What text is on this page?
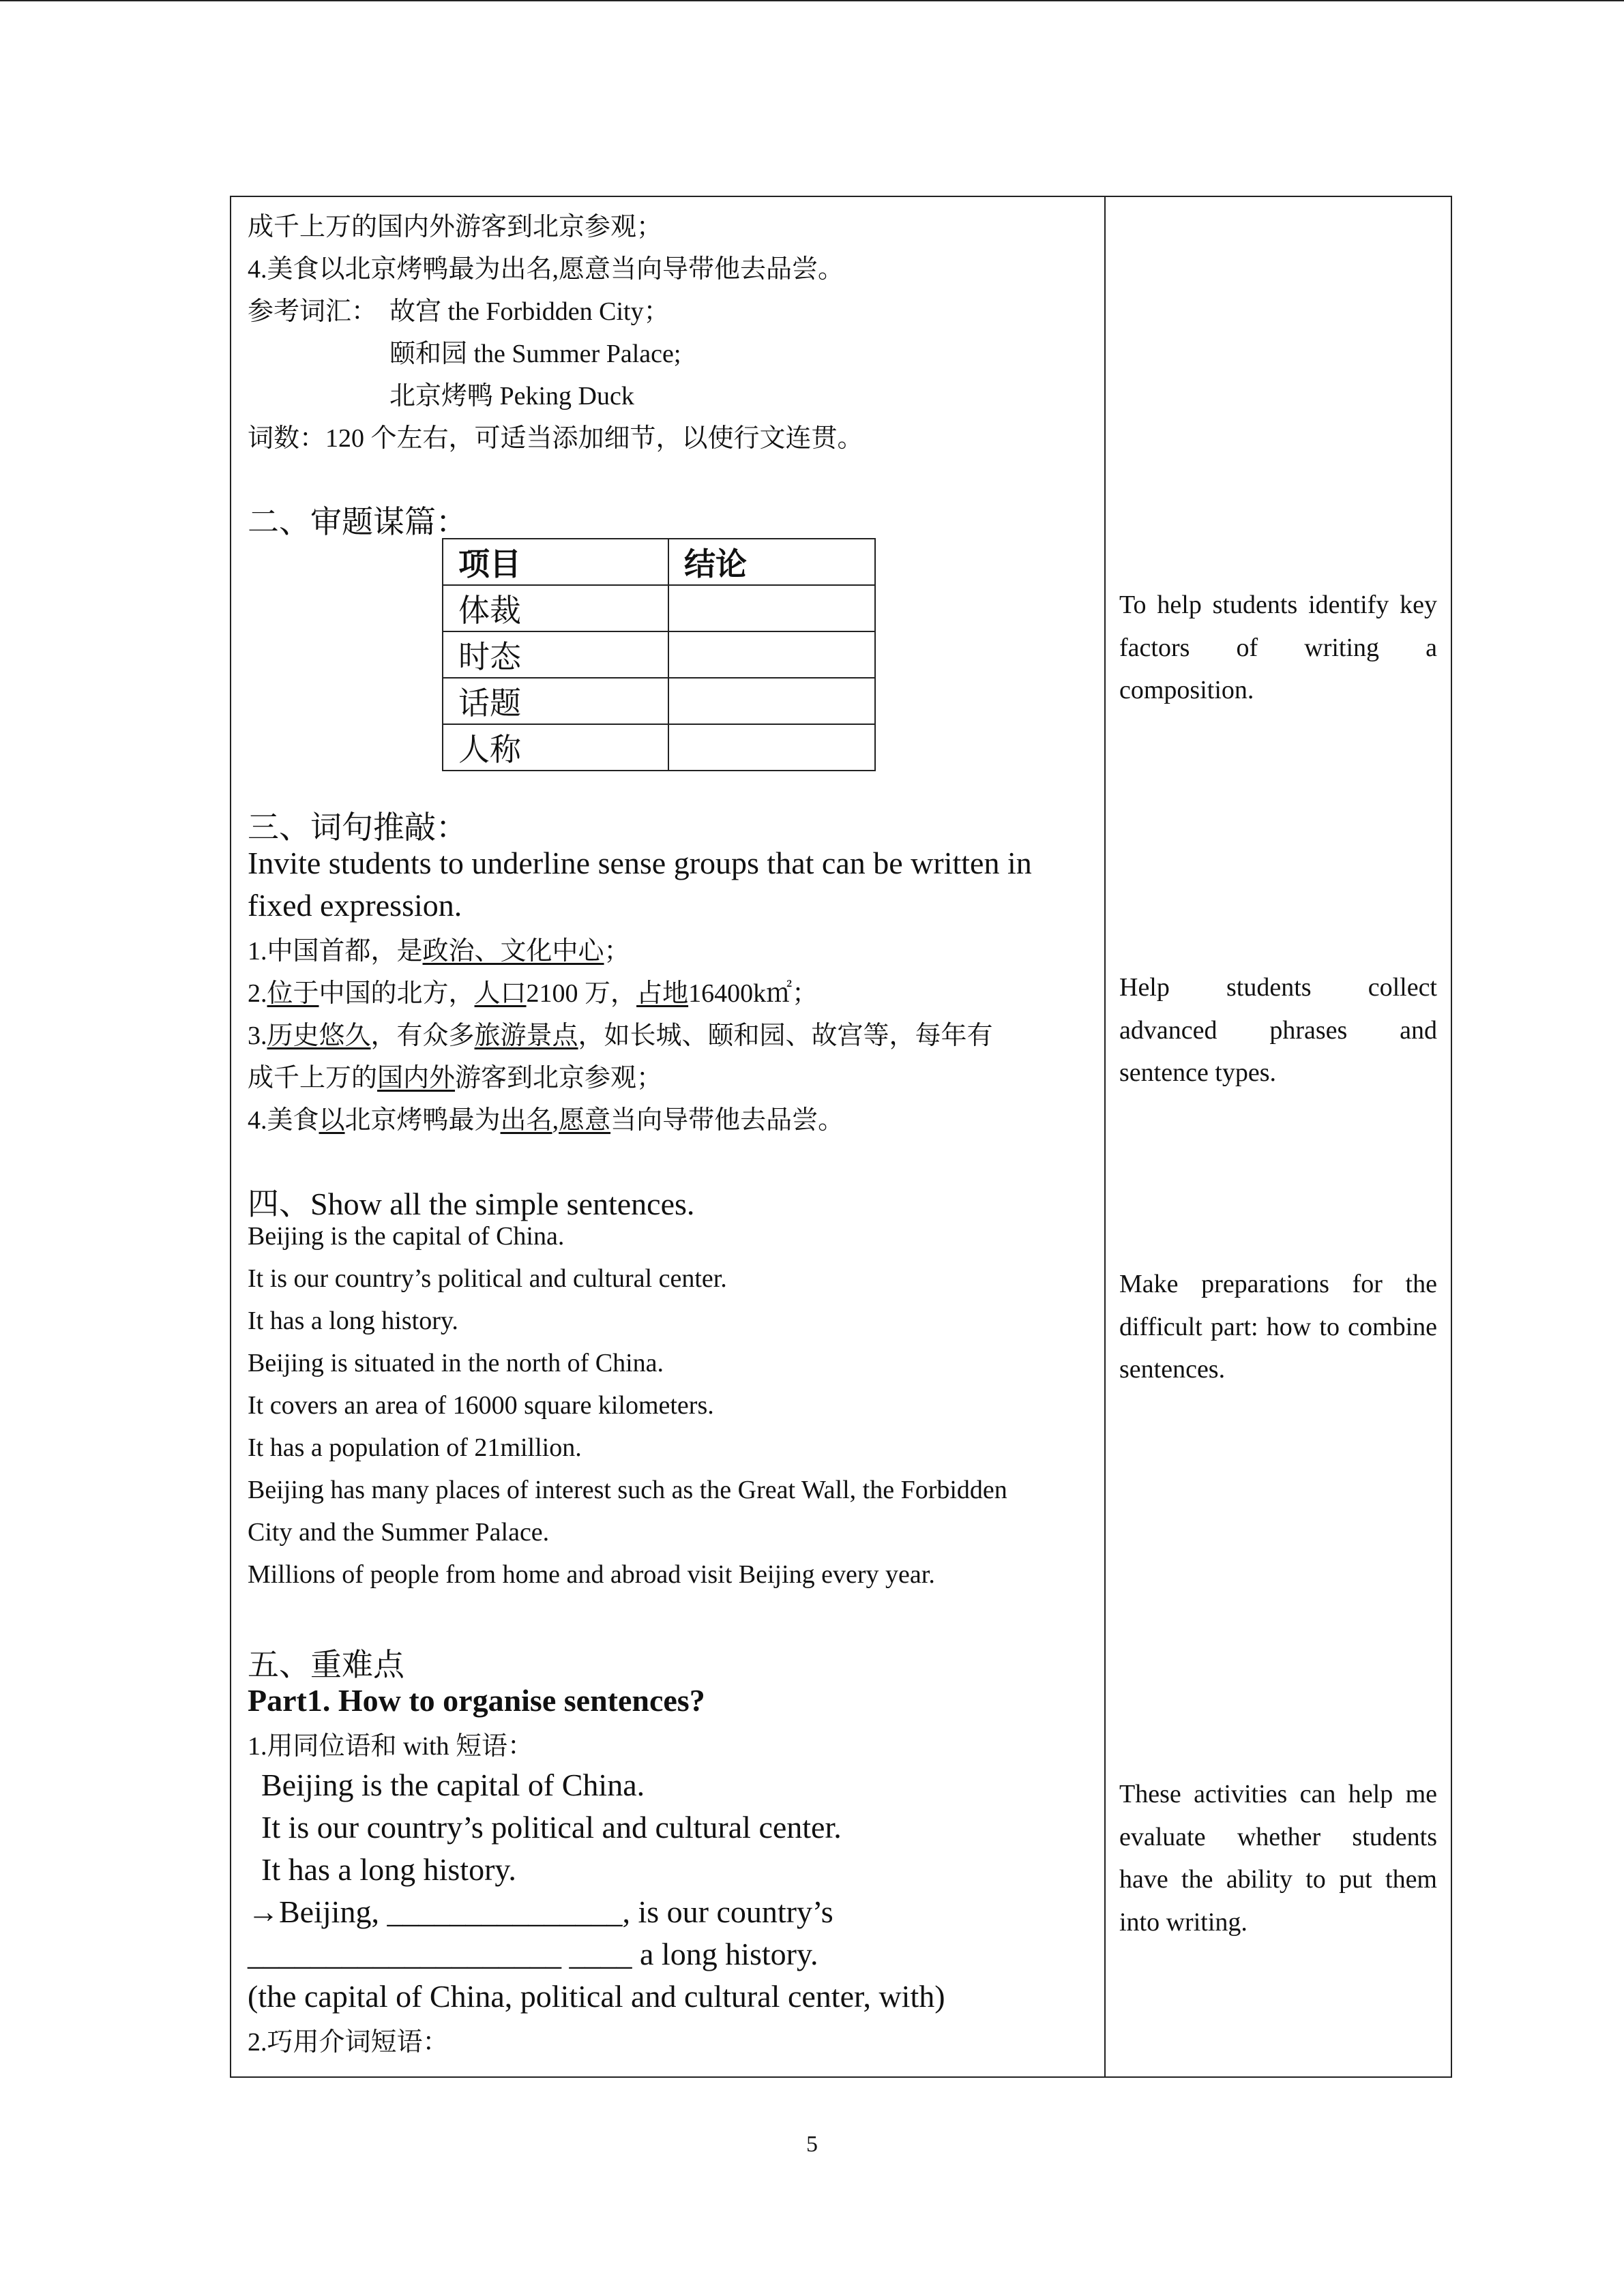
成千上万的国内外游客到北京参观；
4.美食以北京烤鸭最为出名,愿意当向导带他去品尝。
参考词汇： 故宫 the Forbidden City；
颐和园 the Summer Palace;
北京烤鸭 Peking Duck
词数：120 个左右，可适当添加细节，以使行文连贯。
二、审题谋篇：
项目	结论
体裁	
时态	
话题	
人称	
三、词句推敲：
Invite students to underline sense groups that can be written in
fixed expression.
1.中国首都，是政治、文化中心；
2.位于中国的北方，人口2100 万，占地16400k㎡；
3.历史悠久，有众多旅游景点，如长城、颐和园、故宫等，每年有
成千上万的国内外游客到北京参观；
4.美食以北京烤鸭最为出名,愿意当向导带他去品尝。
四、Show all the simple sentences.
Beijing is the capital of China.
It is our country’s political and cultural center.
It has a long history.
Beijing is situated in the north of China.
It covers an area of 16000 square kilometers.
It has a population of 21million.
Beijing has many places of interest such as the Great Wall, the Forbidden
City and the Summer Palace.
Millions of people from home and abroad visit Beijing every year.
五、重难点
Part1. How to organise sentences?
1.用同位语和 with 短语：
Beijing is the capital of China.
It is our country’s political and cultural center.
It has a long history.
→Beijing, _______________, is our country’s
____________________ ____ a long history.
(the capital of China, political and cultural center, with)
2.巧用介词短语：
To help students identify key factors of writing a composition.
Help students collect advanced phrases and sentence types.
Make preparations for the difficult part: how to combine sentences.
These activities can help me evaluate whether students have the ability to put them into writing.
5
